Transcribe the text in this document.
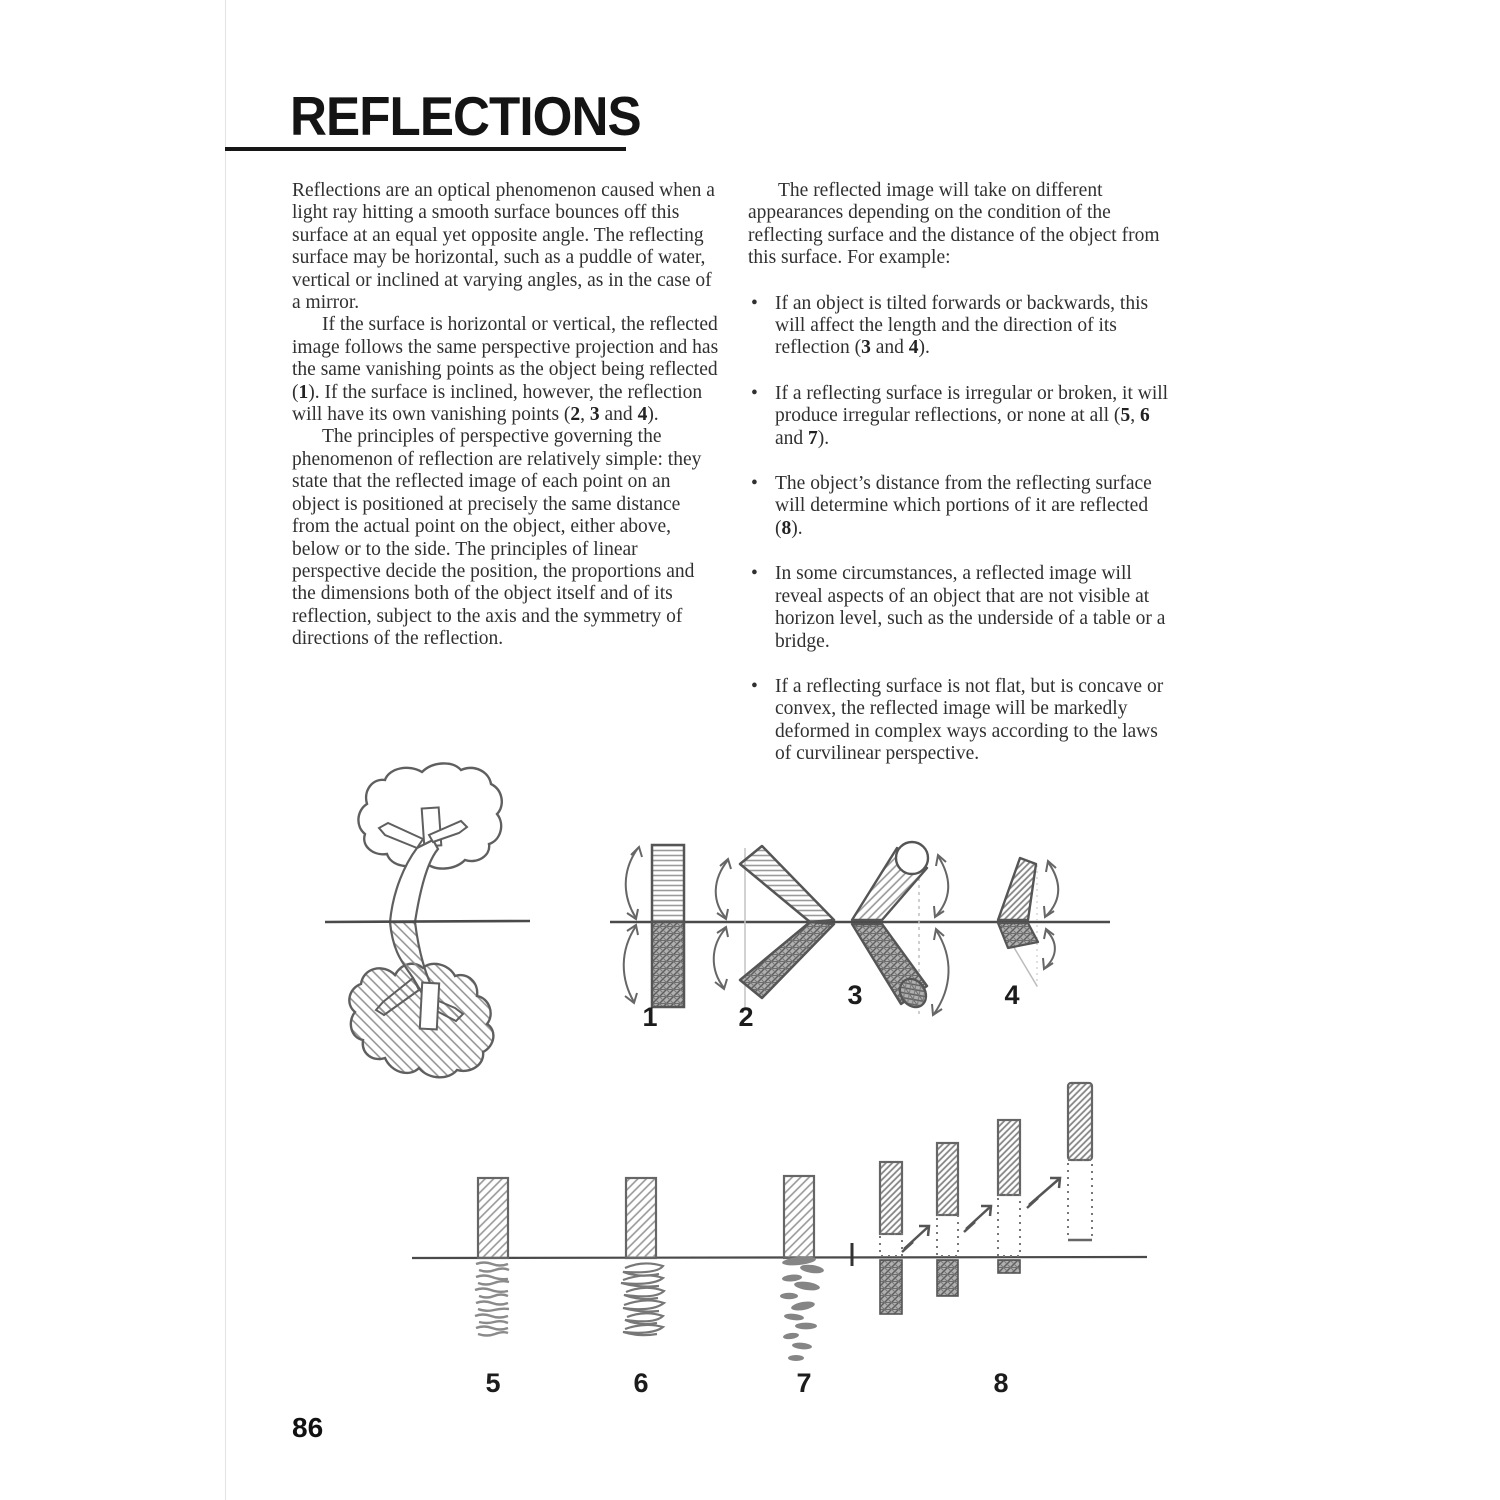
REFLECTIONS

Reflections are an optical phenomenon caused when a light ray hitting a smooth surface bounces off this surface at an equal yet opposite angle. The reflecting surface may be horizontal, such as a puddle of water, vertical or inclined at varying angles, as in the case of a mirror.

If the surface is horizontal or vertical, the reflected image follows the same perspective projection and has the same vanishing points as the object being reflected (1). If the surface is inclined, however, the reflection will have its own vanishing points (2, 3 and 4).

The principles of perspective governing the phenomenon of reflection are relatively simple: they state that the reflected image of each point on an object is positioned at precisely the same distance from the actual point on the object, either above, below or to the side. The principles of linear perspective decide the position, the proportions and the dimensions both of the object itself and of its reflection, subject to the axis and the symmetry of directions of the reflection.

The reflected image will take on different appearances depending on the condition of the reflecting surface and the distance of the object from this surface. For example:

• If an object is tilted forwards or backwards, this will affect the length and the direction of its reflection (3 and 4).
• If a reflecting surface is irregular or broken, it will produce irregular reflections, or none at all (5, 6 and 7).
• The object’s distance from the reflecting surface will determine which portions of it are reflected (8).
• In some circumstances, a reflected image will reveal aspects of an object that are not visible at horizon level, such as the underside of a table or a bridge.
• If a reflecting surface is not flat, but is concave or convex, the reflected image will be markedly deformed in complex ways according to the laws of curvilinear perspective.
1	2
3	4
5	6	7	8
86
